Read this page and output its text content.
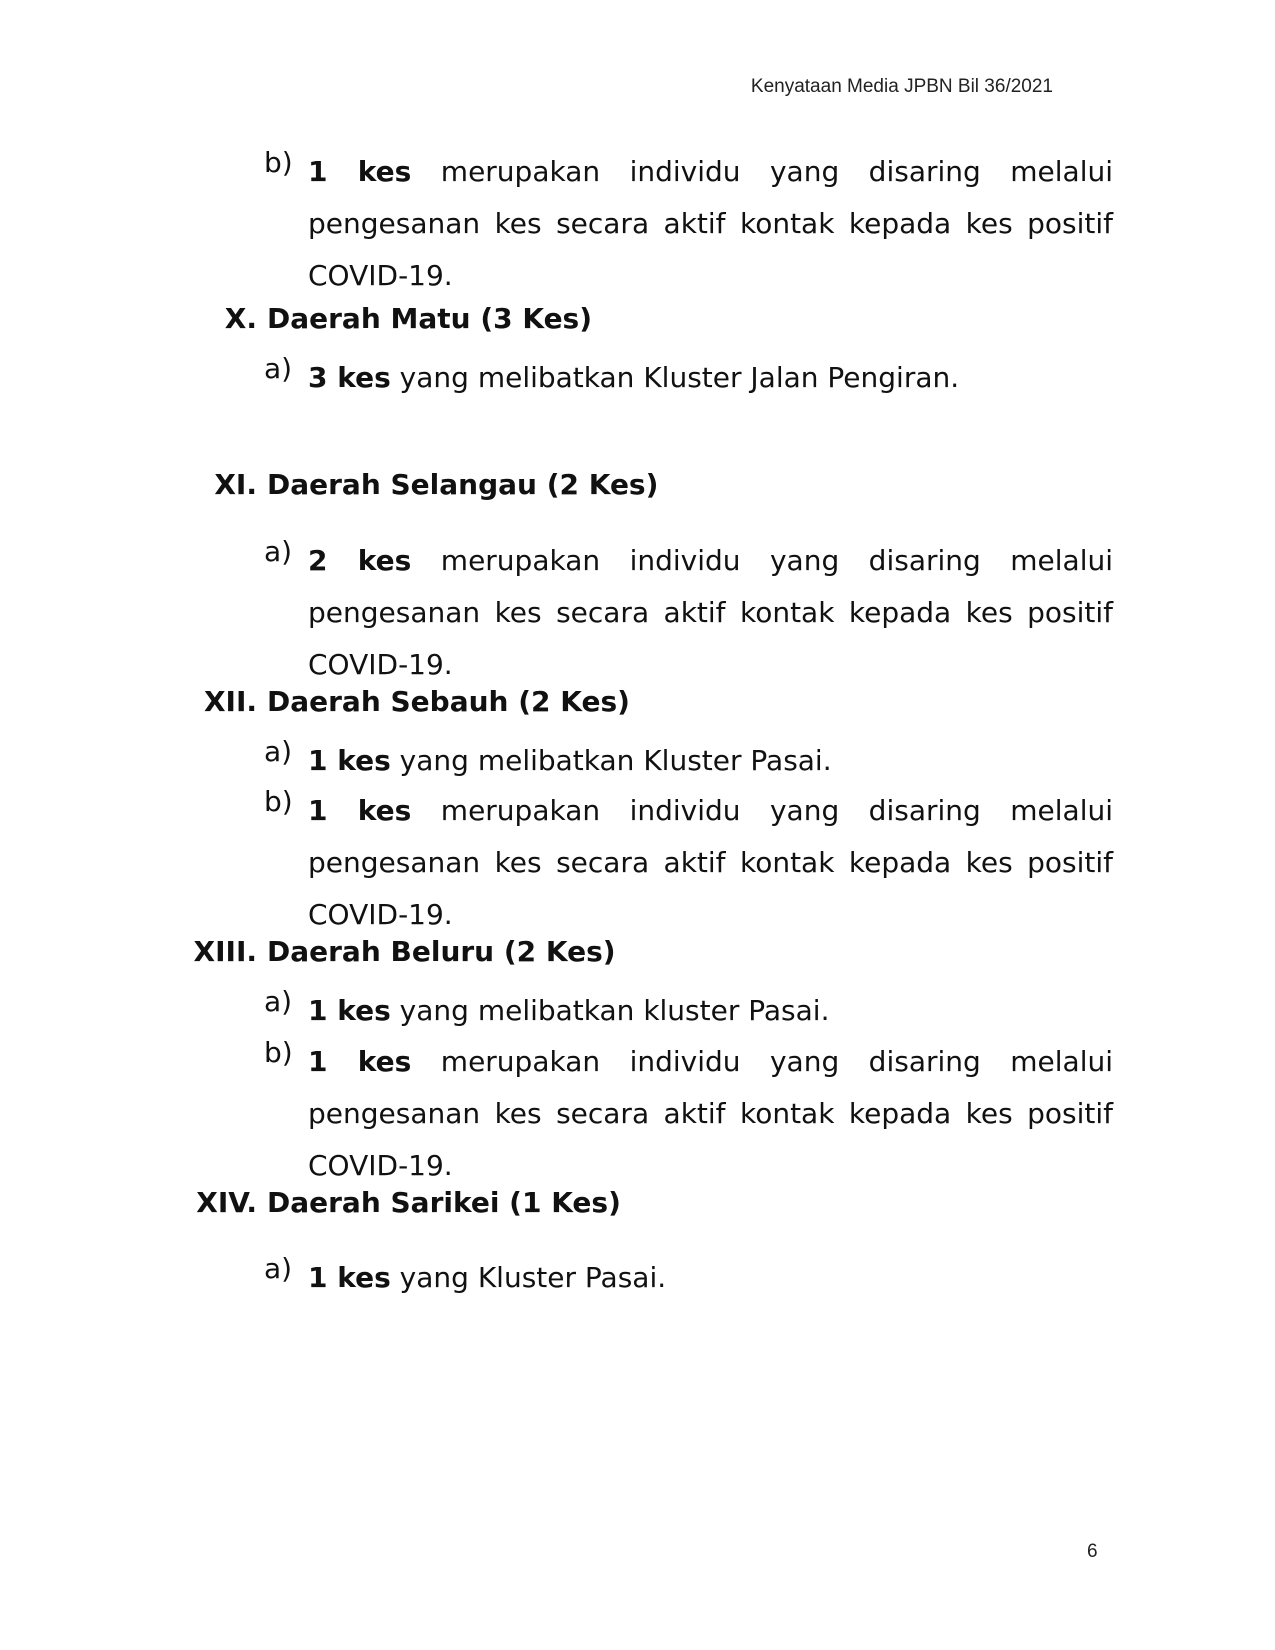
Kenyataan Media JPBN Bil 36/2021
b) 1 kes merupakan individu yang disaring melalui pengesanan kes secara aktif kontak kepada kes positif COVID-19.
X. Daerah Matu (3 Kes)
a) 3 kes yang melibatkan Kluster Jalan Pengiran.
XI. Daerah Selangau (2 Kes)
a) 2 kes merupakan individu yang disaring melalui pengesanan kes secara aktif kontak kepada kes positif COVID-19.
XII. Daerah Sebauh (2 Kes)
a) 1 kes yang melibatkan Kluster Pasai.
b) 1 kes merupakan individu yang disaring melalui pengesanan kes secara aktif kontak kepada kes positif COVID-19.
XIII. Daerah Beluru (2 Kes)
a) 1 kes yang melibatkan kluster Pasai.
b) 1 kes merupakan individu yang disaring melalui pengesanan kes secara aktif kontak kepada kes positif COVID-19.
XIV. Daerah Sarikei (1 Kes)
a) 1 kes yang Kluster Pasai.
6
